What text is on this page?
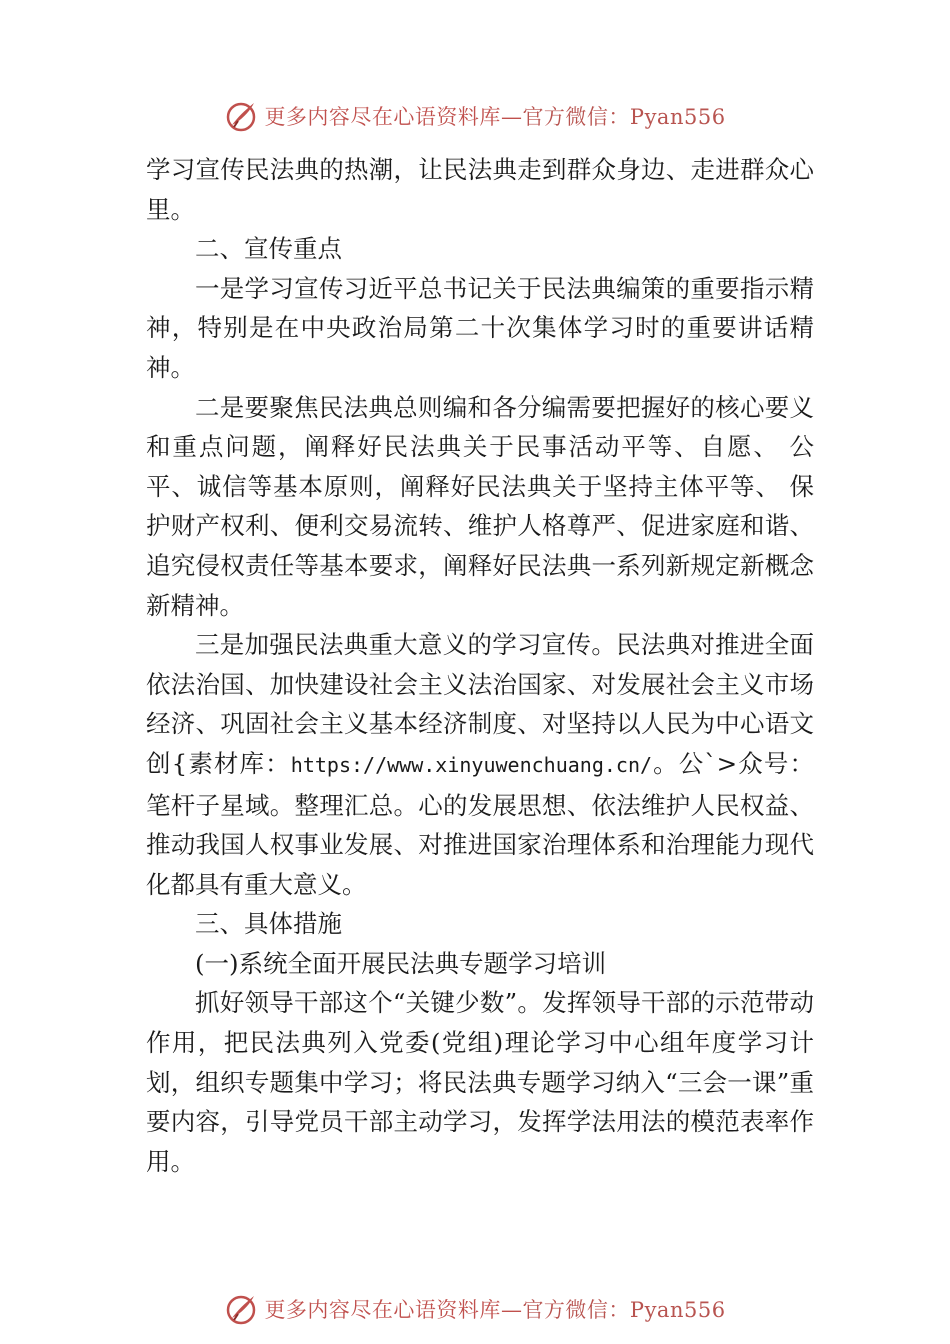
更多内容尽在心语资料库—官方微信：Pyan556

学习宣传民法典的热潮，让民法典走到群众身边、走进群众心里。

二、宣传重点

一是学习宣传习近平总书记关于民法典编策的重要指示精神，特别是在中央政治局第二十次集体学习时的重要讲话精神。

二是要聚焦民法典总则编和各分编需要把握好的核心要义和重点问题，阐释好民法典关于民事活动平等、自愿、 公平、诚信等基本原则，阐释好民法典关于坚持主体平等、 保护财产权利、便利交易流转、维护人格尊严、促进家庭和谐、追究侵权责任等基本要求，阐释好民法典一系列新规定新概念新精神。

三是加强民法典重大意义的学习宣传。民法典对推进全面依法治国、加快建设社会主义法治国家、对发展社会主义市场经济、巩固社会主义基本经济制度、对坚持以人民为中心语文创{素材库：https://www.xinyuwenchuang.cn/。公`>众号：笔杆子星域。整理汇总。心的发展思想、依法维护人民权益、推动我国人权事业发展、对推进国家治理体系和治理能力现代化都具有重大意义。

三、具体措施

(一)系统全面开展民法典专题学习培训

抓好领导干部这个“关键少数”。发挥领导干部的示范带动作用，把民法典列入党委(党组)理论学习中心组年度学习计划，组织专题集中学习；将民法典专题学习纳入“三会一课”重要内容，引导党员干部主动学习，发挥学法用法的模范表率作用。

更多内容尽在心语资料库—官方微信：Pyan556
